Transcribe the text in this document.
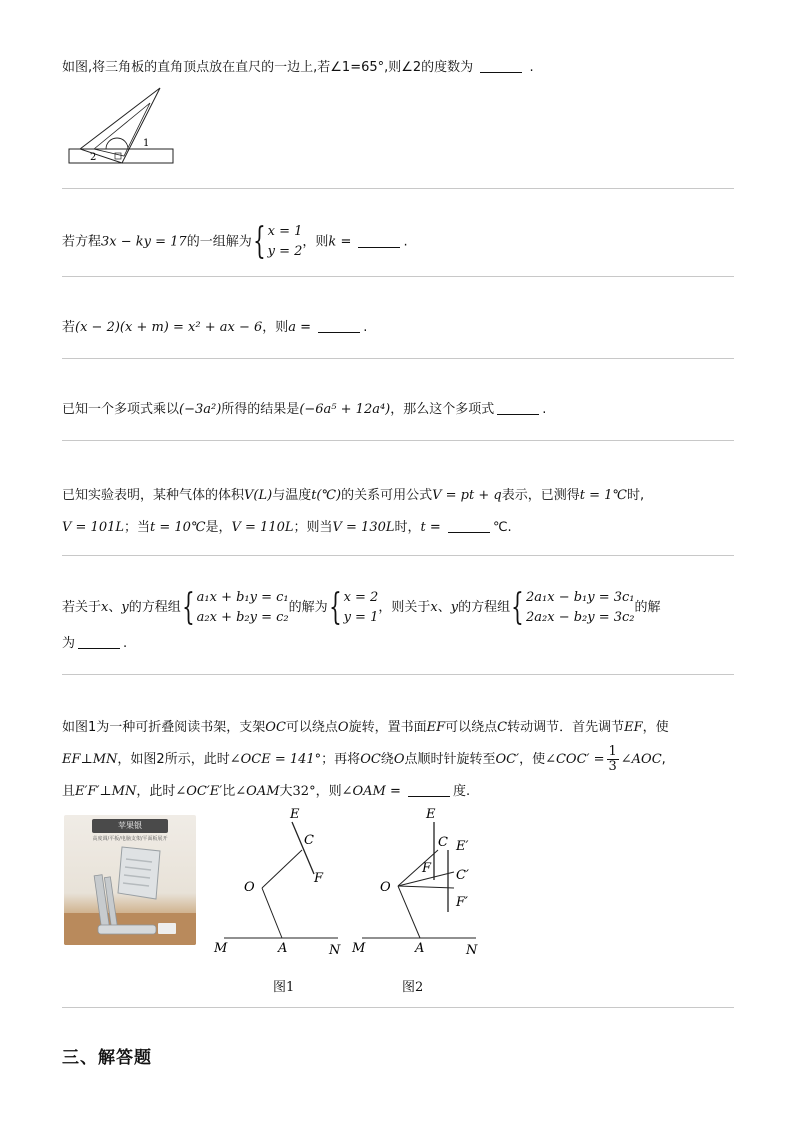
如图,将三角板的直角顶点放在直尺的一边上,若∠1=65°,则∠2的度数为	.
1
2
若方程3x − ky = 17的一组解为 { x = 1
y = 2
，则k =	.
若(x − 2)(x + m) = x² + ax − 6，则a =	.
已知一个多项式乘以(−3a²)所得的结果是(−6a⁵ + 12a⁴)，那么这个多项式	.
已知实验表明，某种气体的体积V(L)与温度t(℃)的关系可用公式V = pt + q表示，已测得t = 1℃时,
V = 101L；当t = 10℃是，V = 110L；则当V = 130L时，t =	℃.
若关于 x 、 y 的方程组 { a₁x + b₁y = c₁
a₂x + b₂y = c₂
的解为 { x = 2
y = 1
，则关于 x 、 y 的方程组 { 2a₁x − b₁y = 3c₁
2a₂x − b₂y = 3c₂
的解
为	.
如图1为一种可折叠阅读书架，支架OC可以绕点O旋转，置书面EF可以绕点C转动调节．首先调节EF，使
EF⊥MN，如图2所示，此时∠OCE = 141°；再将OC绕O点顺时针旋转至OC′，使∠COC′ = $\frac{1}{3}$ ∠AOC,
且E′F′⊥MN，此时∠OC′E′比∠OAM大32°，则∠OAM =	度.
苹果银
高度调/平板/电脑支架/平面板展开
E
C
F
O
M	A	N
图1
E
C
F
E′
C′
F′
O
M	A	N
图2
三、解答题
